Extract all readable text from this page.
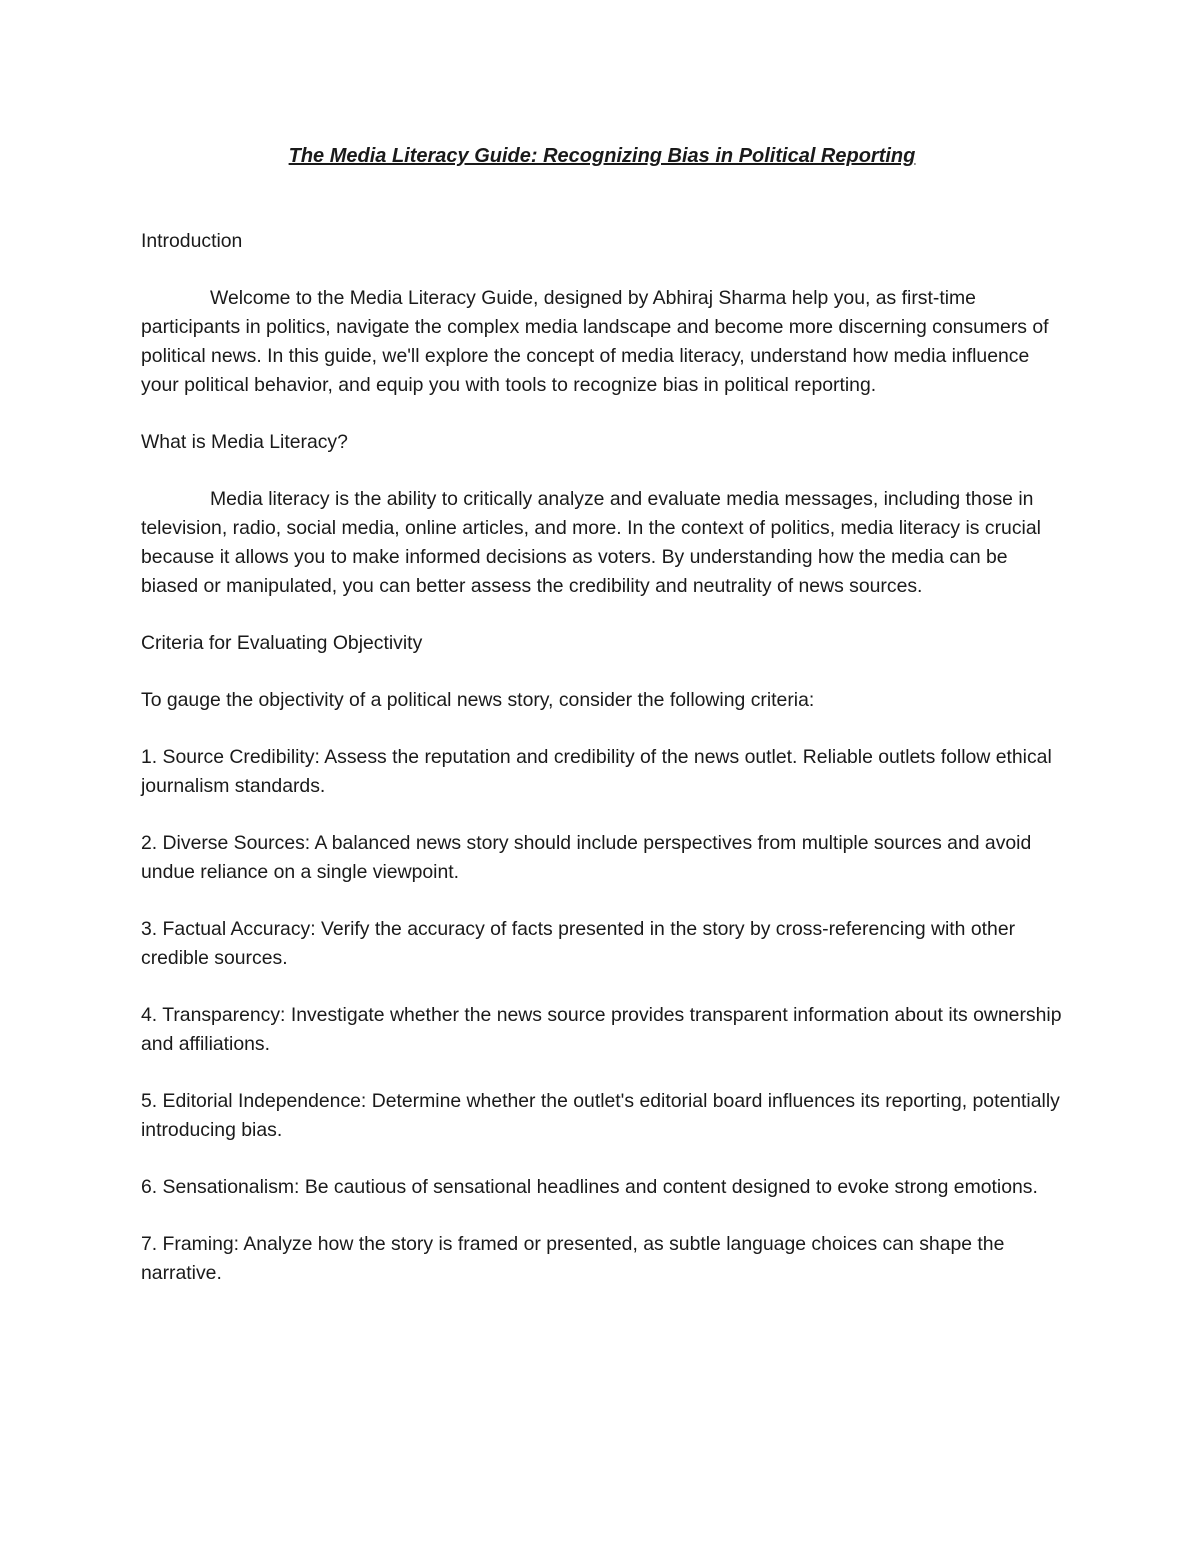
The Media Literacy Guide: Recognizing Bias in Political Reporting
Introduction
Welcome to the Media Literacy Guide, designed by Abhiraj Sharma help you, as first-time participants in politics, navigate the complex media landscape and become more discerning consumers of political news. In this guide, we'll explore the concept of media literacy, understand how media influence your political behavior, and equip you with tools to recognize bias in political reporting.
What is Media Literacy?
Media literacy is the ability to critically analyze and evaluate media messages, including those in television, radio, social media, online articles, and more. In the context of politics, media literacy is crucial because it allows you to make informed decisions as voters. By understanding how the media can be biased or manipulated, you can better assess the credibility and neutrality of news sources.
Criteria for Evaluating Objectivity
To gauge the objectivity of a political news story, consider the following criteria:
1. Source Credibility: Assess the reputation and credibility of the news outlet. Reliable outlets follow ethical journalism standards.
2. Diverse Sources: A balanced news story should include perspectives from multiple sources and avoid undue reliance on a single viewpoint.
3. Factual Accuracy: Verify the accuracy of facts presented in the story by cross-referencing with other credible sources.
4. Transparency: Investigate whether the news source provides transparent information about its ownership and affiliations.
5. Editorial Independence: Determine whether the outlet's editorial board influences its reporting, potentially introducing bias.
6. Sensationalism: Be cautious of sensational headlines and content designed to evoke strong emotions.
7. Framing: Analyze how the story is framed or presented, as subtle language choices can shape the narrative.
